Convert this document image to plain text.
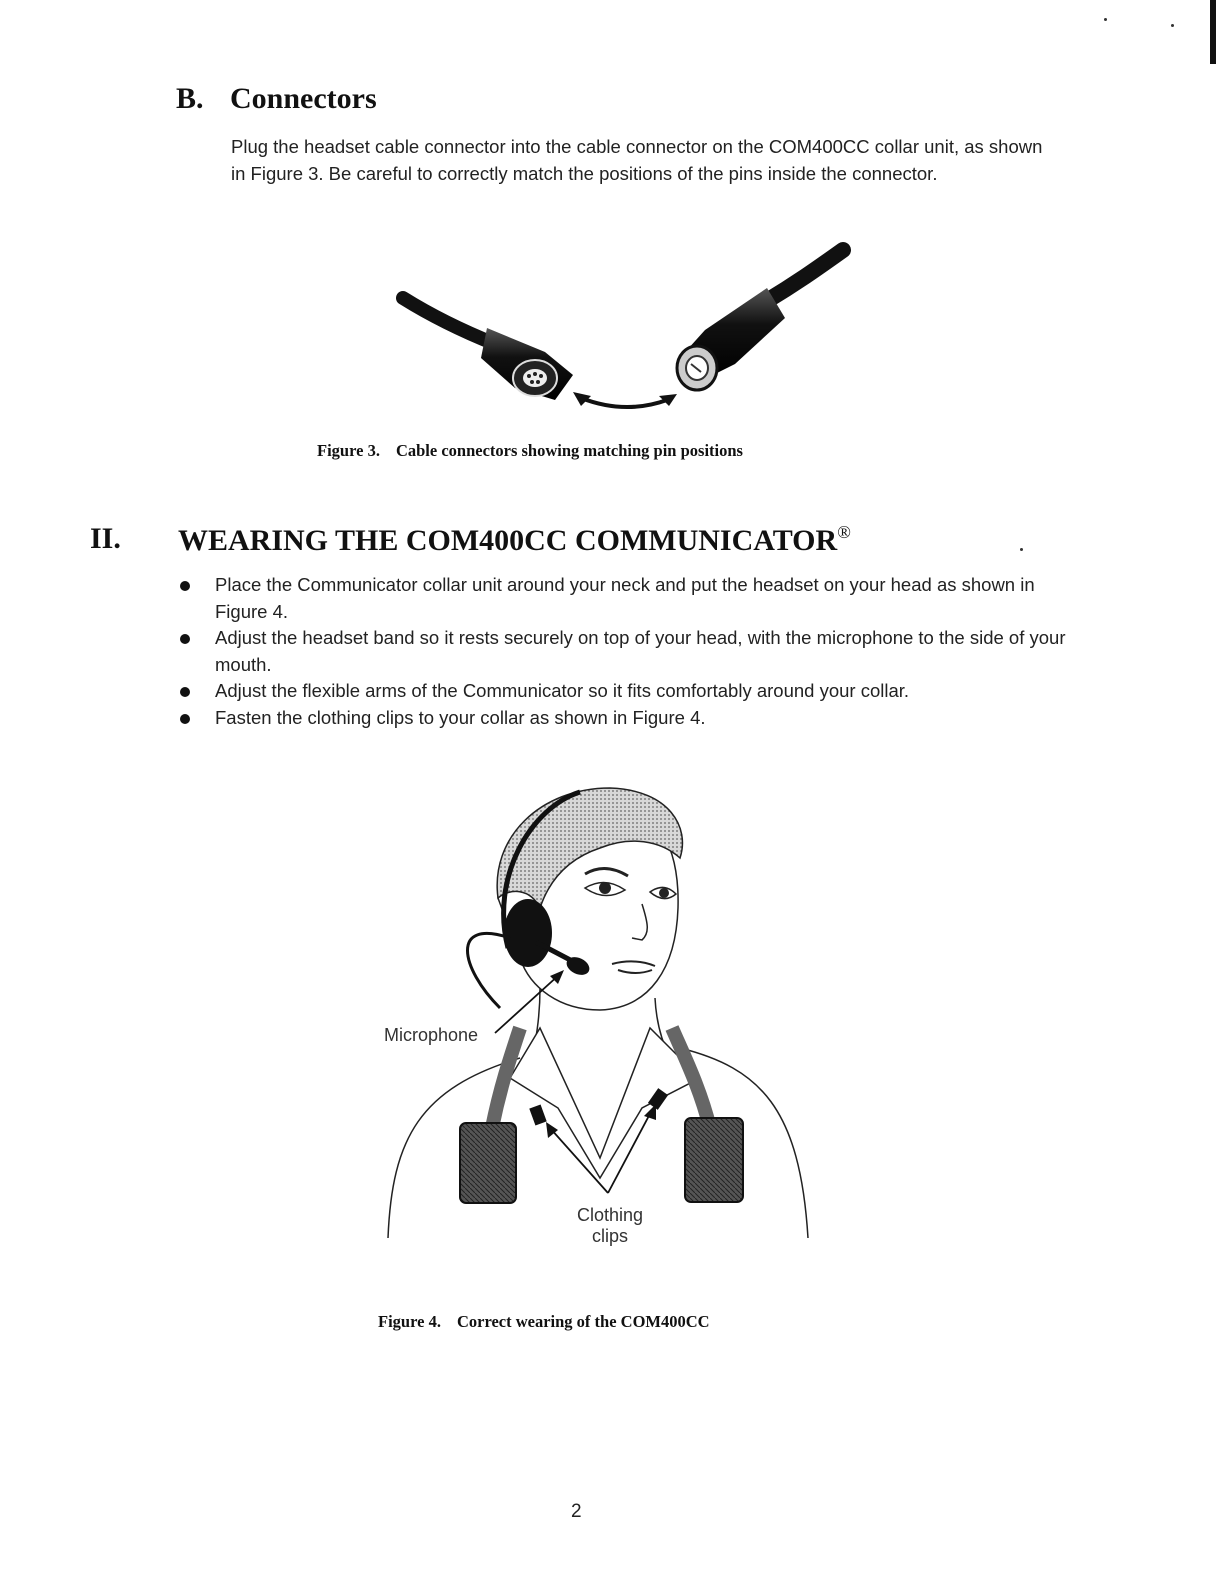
B. Connectors
Plug the headset cable connector into the cable connector on the COM400CC collar unit, as shown in Figure 3. Be careful to correctly match the positions of the pins inside the connector.
Figure 3. Cable connectors showing matching pin positions
II. WEARING THE COM400CC COMMUNICATOR®
Place the Communicator collar unit around your neck and put the headset on your head as shown in Figure 4.
Adjust the headset band so it rests securely on top of your head, with the microphone to the side of your mouth.
Adjust the flexible arms of the Communicator so it fits comfortably around your collar.
Fasten the clothing clips to your collar as shown in Figure 4.
Microphone
Clothing
clips
Figure 4. Correct wearing of the COM400CC
2
